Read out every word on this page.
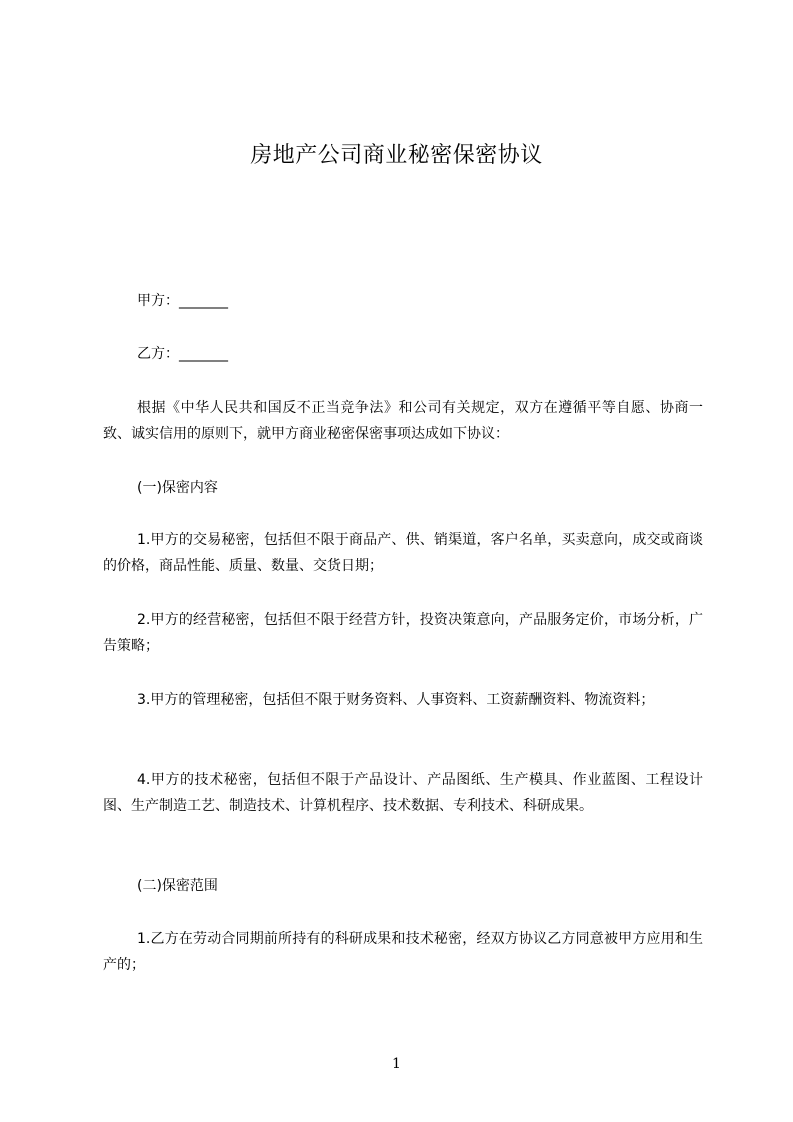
房地产公司商业秘密保密协议
甲方：_______
乙方：_______

根据《中华人民共和国反不正当竞争法》和公司有关规定，双方在遵循平等自愿、协商一致、诚实信用的原则下，就甲方商业秘密保密事项达成如下协议：

(一)保密内容

1.甲方的交易秘密，包括但不限于商品产、供、销渠道，客户名单，买卖意向，成交或商谈的价格，商品性能、质量、数量、交货日期；

2.甲方的经营秘密，包括但不限于经营方针，投资决策意向，产品服务定价，市场分析，广告策略；

3.甲方的管理秘密，包括但不限于财务资料、人事资料、工资薪酬资料、物流资料；

4.甲方的技术秘密，包括但不限于产品设计、产品图纸、生产模具、作业蓝图、工程设计图、生产制造工艺、制造技术、计算机程序、技术数据、专利技术、科研成果。

(二)保密范围

1.乙方在劳动合同期前所持有的科研成果和技术秘密，经双方协议乙方同意被甲方应用和生产的；

1
